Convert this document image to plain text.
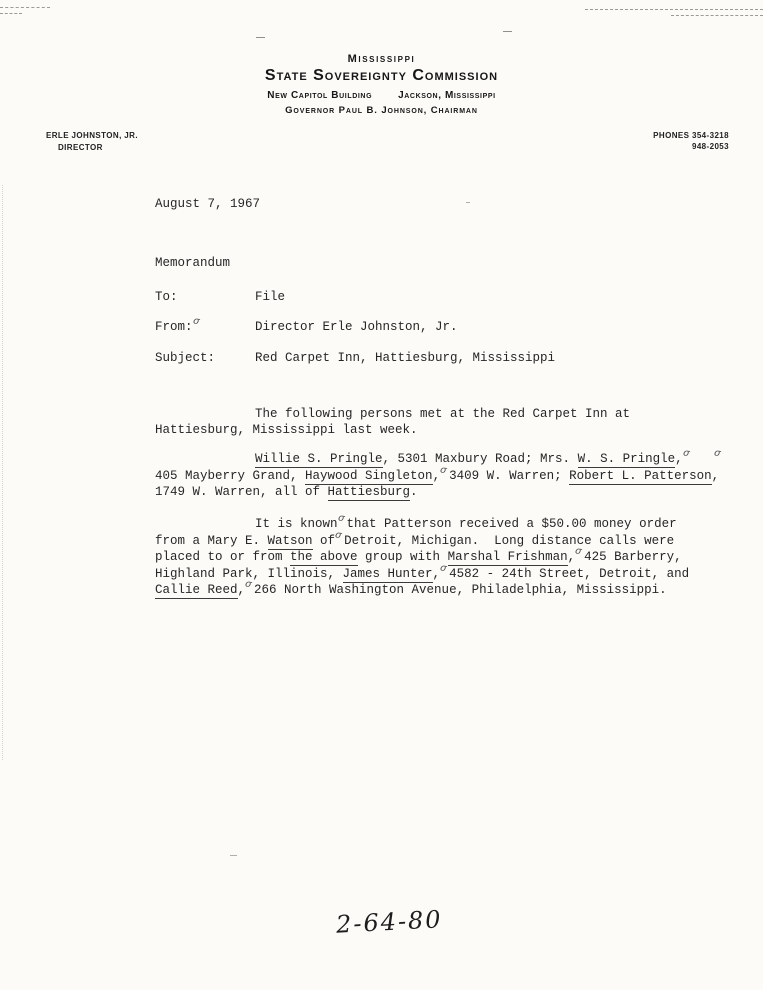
Mississippi
State Sovereignty Commission
New Capitol Building	Jackson, Mississippi
Governor Paul B. Johnson, Chairman
ERLE JOHNSTON, JR.
DIRECTOR
PHONES 354-3218
948-2053
August 7, 1967
Memorandum
To:	File
From:σ	Director Erle Johnston, Jr.
Subject:	Red Carpet Inn, Hattiesburg, Mississippi
The following persons met at the Red Carpet Inn at
Hattiesburg, Mississippi last week.
Willie S. Pringle, 5301 Maxbury Road; Mrs. W. S. Pringle,σ σ
405 Mayberry Grand, Haywood Singleton,σ 3409 W. Warren; Robert L. Patterson,
1749 W. Warren, all of Hattiesburg.
It is knownσ that Patterson received a $50.00 money order
from a Mary E. Watson ofσ Detroit, Michigan.  Long distance calls were
placed to or from the above group with Marshal Frishman,σ 425 Barberry,
Highland Park, Illinois, James Hunter,σ 4582 - 24th Street, Detroit, and
Callie Reed,σ 266 North Washington Avenue, Philadelphia, Mississippi.
2-64-80
